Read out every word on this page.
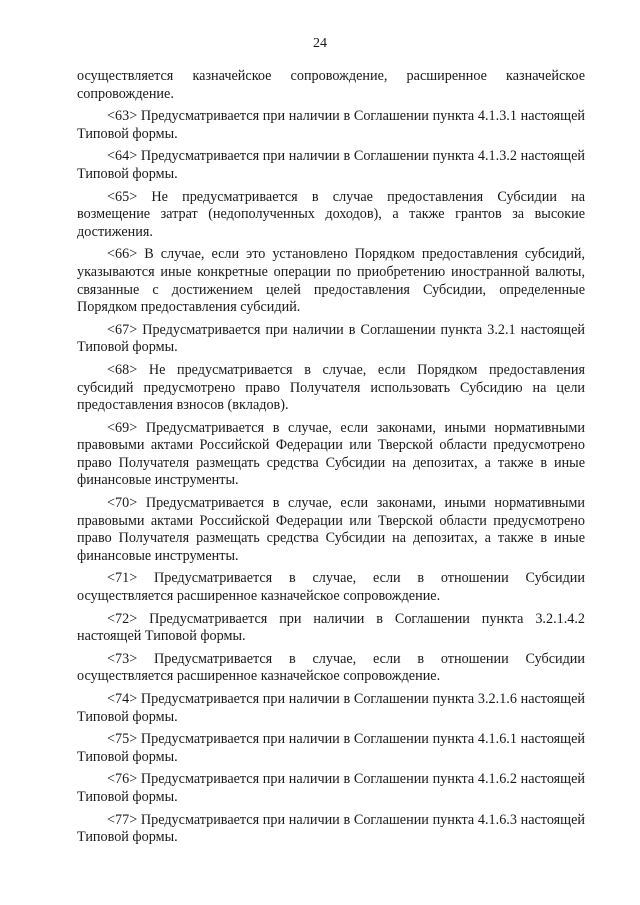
24

осуществляется казначейское сопровождение, расширенное казначейское сопровождение.

<63> Предусматривается при наличии в Соглашении пункта 4.1.3.1 настоящей Типовой формы.

<64> Предусматривается при наличии в Соглашении пункта 4.1.3.2 настоящей Типовой формы.

<65> Не предусматривается в случае предоставления Субсидии на возмещение затрат (недополученных доходов), а также грантов за высокие достижения.

<66> В случае, если это установлено Порядком предоставления субсидий, указываются иные конкретные операции по приобретению иностранной валюты, связанные с достижением целей предоставления Субсидии, определенные Порядком предоставления субсидий.

<67> Предусматривается при наличии в Соглашении пункта 3.2.1 настоящей Типовой формы.

<68> Не предусматривается в случае, если Порядком предоставления субсидий предусмотрено право Получателя использовать Субсидию на цели предоставления взносов (вкладов).

<69> Предусматривается в случае, если законами, иными нормативными правовыми актами Российской Федерации или Тверской области предусмотрено право Получателя размещать средства Субсидии на депозитах, а также в иные финансовые инструменты.

<70> Предусматривается в случае, если законами, иными нормативными правовыми актами Российской Федерации или Тверской области предусмотрено право Получателя размещать средства Субсидии на депозитах, а также в иные финансовые инструменты.

<71> Предусматривается в случае, если в отношении Субсидии осуществляется расширенное казначейское сопровождение.

<72> Предусматривается при наличии в Соглашении пункта 3.2.1.4.2 настоящей Типовой формы.

<73> Предусматривается в случае, если в отношении Субсидии осуществляется расширенное казначейское сопровождение.

<74> Предусматривается при наличии в Соглашении пункта 3.2.1.6 настоящей Типовой формы.

<75> Предусматривается при наличии в Соглашении пункта 4.1.6.1 настоящей Типовой формы.

<76> Предусматривается при наличии в Соглашении пункта 4.1.6.2 настоящей Типовой формы.

<77> Предусматривается при наличии в Соглашении пункта 4.1.6.3 настоящей Типовой формы.
